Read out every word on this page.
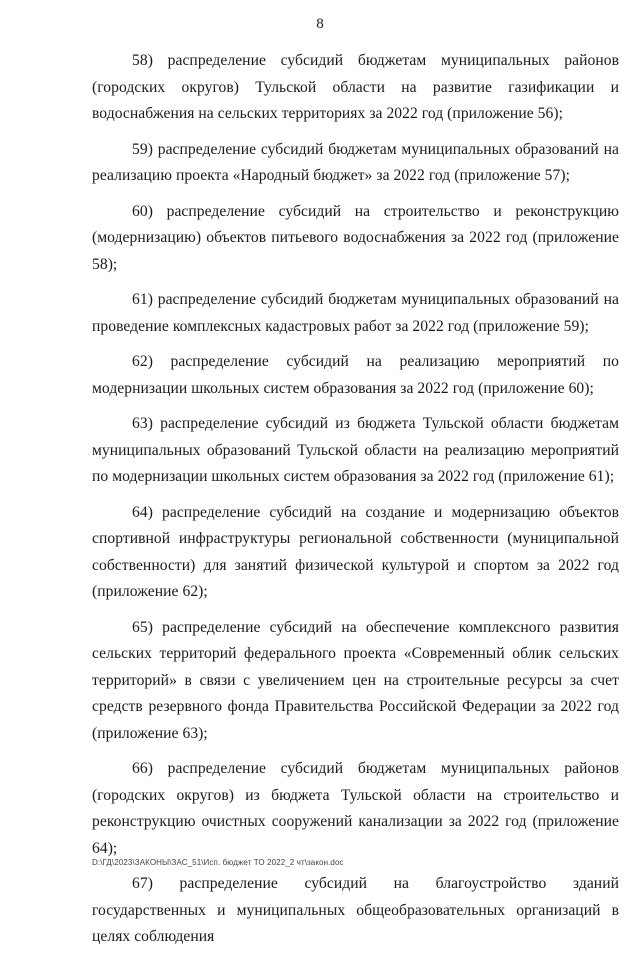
8

58) распределение субсидий бюджетам муниципальных районов (городских округов) Тульской области на развитие газификации и водоснабжения на сельских территориях за 2022 год (приложение 56);

59) распределение субсидий бюджетам муниципальных образований на реализацию проекта «Народный бюджет» за 2022 год (приложение 57);

60) распределение субсидий на строительство и реконструкцию (модернизацию) объектов питьевого водоснабжения за 2022 год (приложение 58);

61) распределение субсидий бюджетам муниципальных образований на проведение комплексных кадастровых работ за 2022 год (приложение 59);

62) распределение субсидий на реализацию мероприятий по модернизации школьных систем образования за 2022 год (приложение 60);

63) распределение субсидий из бюджета Тульской области бюджетам муниципальных образований Тульской области на реализацию мероприятий по модернизации школьных систем образования за 2022 год (приложение 61);

64) распределение субсидий на создание и модернизацию объектов спортивной инфраструктуры региональной собственности (муниципальной собственности) для занятий физической культурой и спортом за 2022 год (приложение 62);

65) распределение субсидий на обеспечение комплексного развития сельских территорий федерального проекта «Современный облик сельских территорий» в связи с увеличением цен на строительные ресурсы за счет средств резервного фонда Правительства Российской Федерации за 2022 год (приложение 63);

66) распределение субсидий бюджетам муниципальных районов (городских округов) из бюджета Тульской области на строительство и реконструкцию очистных сооружений канализации за 2022 год (приложение 64);

67) распределение субсидий на благоустройство зданий государственных и муниципальных общеобразовательных организаций в целях соблюдения

D:\ГД\2023\ЗАКОНЫ\ЗАС_51\Исп. бюджет ТО 2022_2 чт\закон.doc
